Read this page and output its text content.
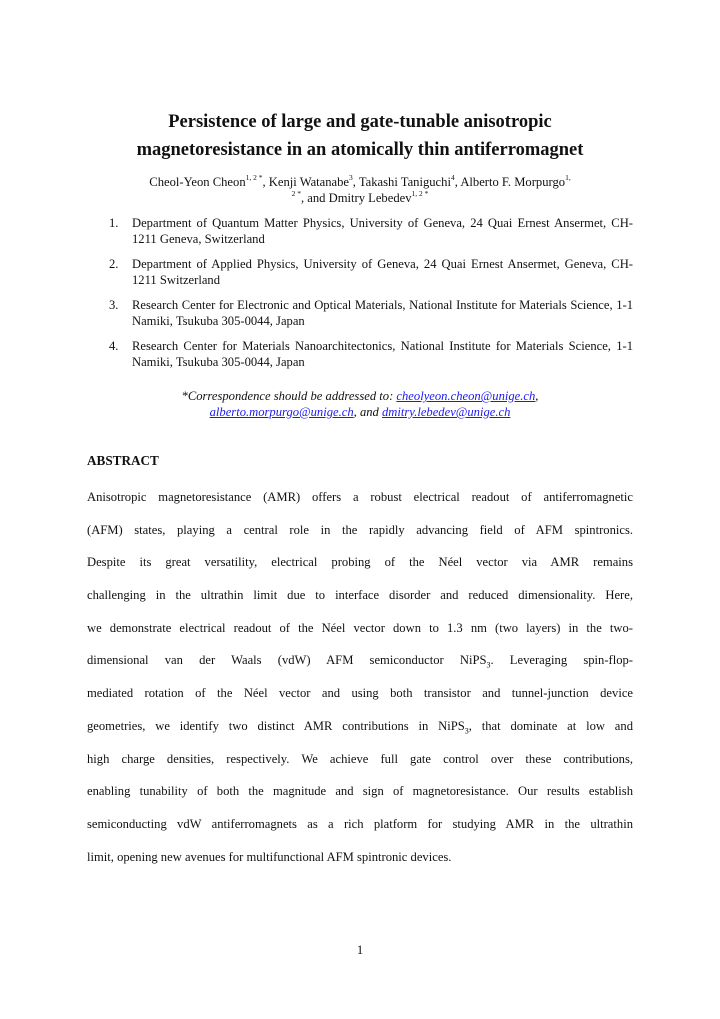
Persistence of large and gate-tunable anisotropic
magnetoresistance in an atomically thin antiferromagnet
Cheol-Yeon Cheon$^{1, 2 *}$, Kenji Watanabe$^3$, Takashi Taniguchi$^4$, Alberto F. Morpurgo$^{1,}$
$^{2 *}$, and Dmitry Lebedev$^{1, 2 *}$
1. Department of Quantum Matter Physics, University of Geneva, 24 Quai Ernest Ansermet, CH-1211 Geneva, Switzerland
2. Department of Applied Physics, University of Geneva, 24 Quai Ernest Ansermet, Geneva, CH-1211 Switzerland
3. Research Center for Electronic and Optical Materials, National Institute for Materials Science, 1-1 Namiki, Tsukuba 305-0044, Japan
4. Research Center for Materials Nanoarchitectonics, National Institute for Materials Science, 1-1 Namiki, Tsukuba 305-0044, Japan
*Correspondence should be addressed to: cheolyeon.cheon@unige.ch,
alberto.morpurgo@unige.ch, and dmitry.lebedev@unige.ch
ABSTRACT
Anisotropic magnetoresistance (AMR) offers a robust electrical readout of antiferromagnetic
(AFM) states, playing a central role in the rapidly advancing field of AFM spintronics.
Despite its great versatility, electrical probing of the Néel vector via AMR remains
challenging in the ultrathin limit due to interface disorder and reduced dimensionality. Here,
we demonstrate electrical readout of the Néel vector down to 1.3 nm (two layers) in the two-
dimensional van der Waals (vdW) AFM semiconductor NiPS$_3$. Leveraging spin-flop-
mediated rotation of the Néel vector and using both transistor and tunnel-junction device
geometries, we identify two distinct AMR contributions in NiPS$_3$, that dominate at low and
high charge densities, respectively. We achieve full gate control over these contributions,
enabling tunability of both the magnitude and sign of magnetoresistance. Our results establish
semiconducting vdW antiferromagnets as a rich platform for studying AMR in the ultrathin
limit, opening new avenues for multifunctional AFM spintronic devices.
1
